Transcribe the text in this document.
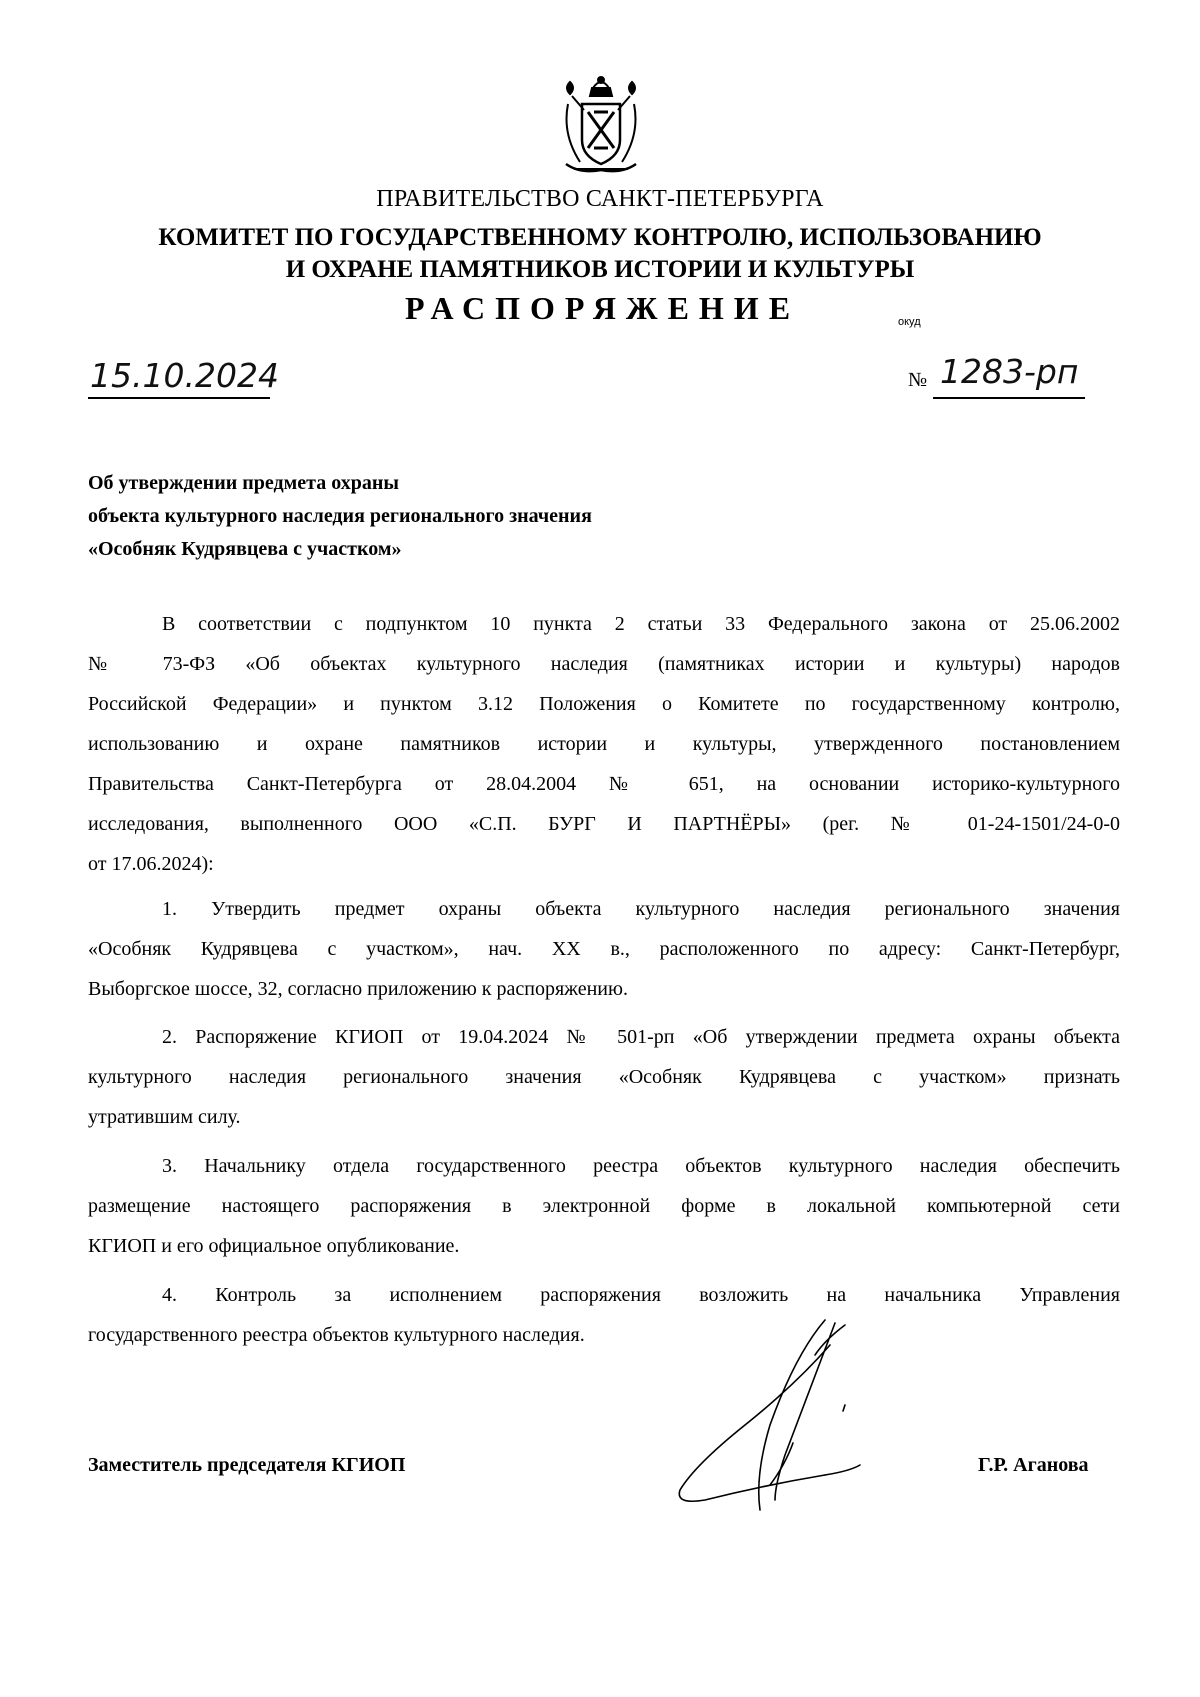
ПРАВИТЕЛЬСТВО САНКТ-ПЕТЕРБУРГА
КОМИТЕТ ПО ГОСУДАРСТВЕННОМУ КОНТРОЛЮ, ИСПОЛЬЗОВАНИЮ
И ОХРАНЕ ПАМЯТНИКОВ ИСТОРИИ И КУЛЬТУРЫ
РАСПОРЯЖЕНИЕ	окуд
15.10.2024	№ 1283-рп
Об утверждении предмета охраны
объекта культурного наследия регионального значения
«Особняк Кудрявцева с участком»
В соответствии с подпунктом 10 пункта 2 статьи 33 Федерального закона от 25.06.2002
№ 73-ФЗ «Об объектах культурного наследия (памятниках истории и культуры) народов
Российской Федерации» и пунктом 3.12 Положения о Комитете по государственному контролю,
использованию и охране памятников истории и культуры, утвержденного постановлением
Правительства Санкт-Петербурга от 28.04.2004 № 651, на основании историко-культурного
исследования, выполненного ООО «С.П. БУРГ И ПАРТНЁРЫ» (рег. № 01-24-1501/24-0-0
от 17.06.2024):
1. Утвердить предмет охраны объекта культурного наследия регионального значения
«Особняк Кудрявцева с участком», нач. XX в., расположенного по адресу: Санкт-Петербург,
Выборгское шоссе, 32, согласно приложению к распоряжению.
2. Распоряжение КГИОП от 19.04.2024 № 501-рп «Об утверждении предмета охраны объекта
культурного наследия регионального значения «Особняк Кудрявцева с участком» признать
утратившим силу.
3. Начальнику отдела государственного реестра объектов культурного наследия обеспечить
размещение настоящего распоряжения в электронной форме в локальной компьютерной сети
КГИОП и его официальное опубликование.
4. Контроль за исполнением распоряжения возложить на начальника Управления
государственного реестра объектов культурного наследия.
Заместитель председателя КГИОП	Г.Р. Аганова
